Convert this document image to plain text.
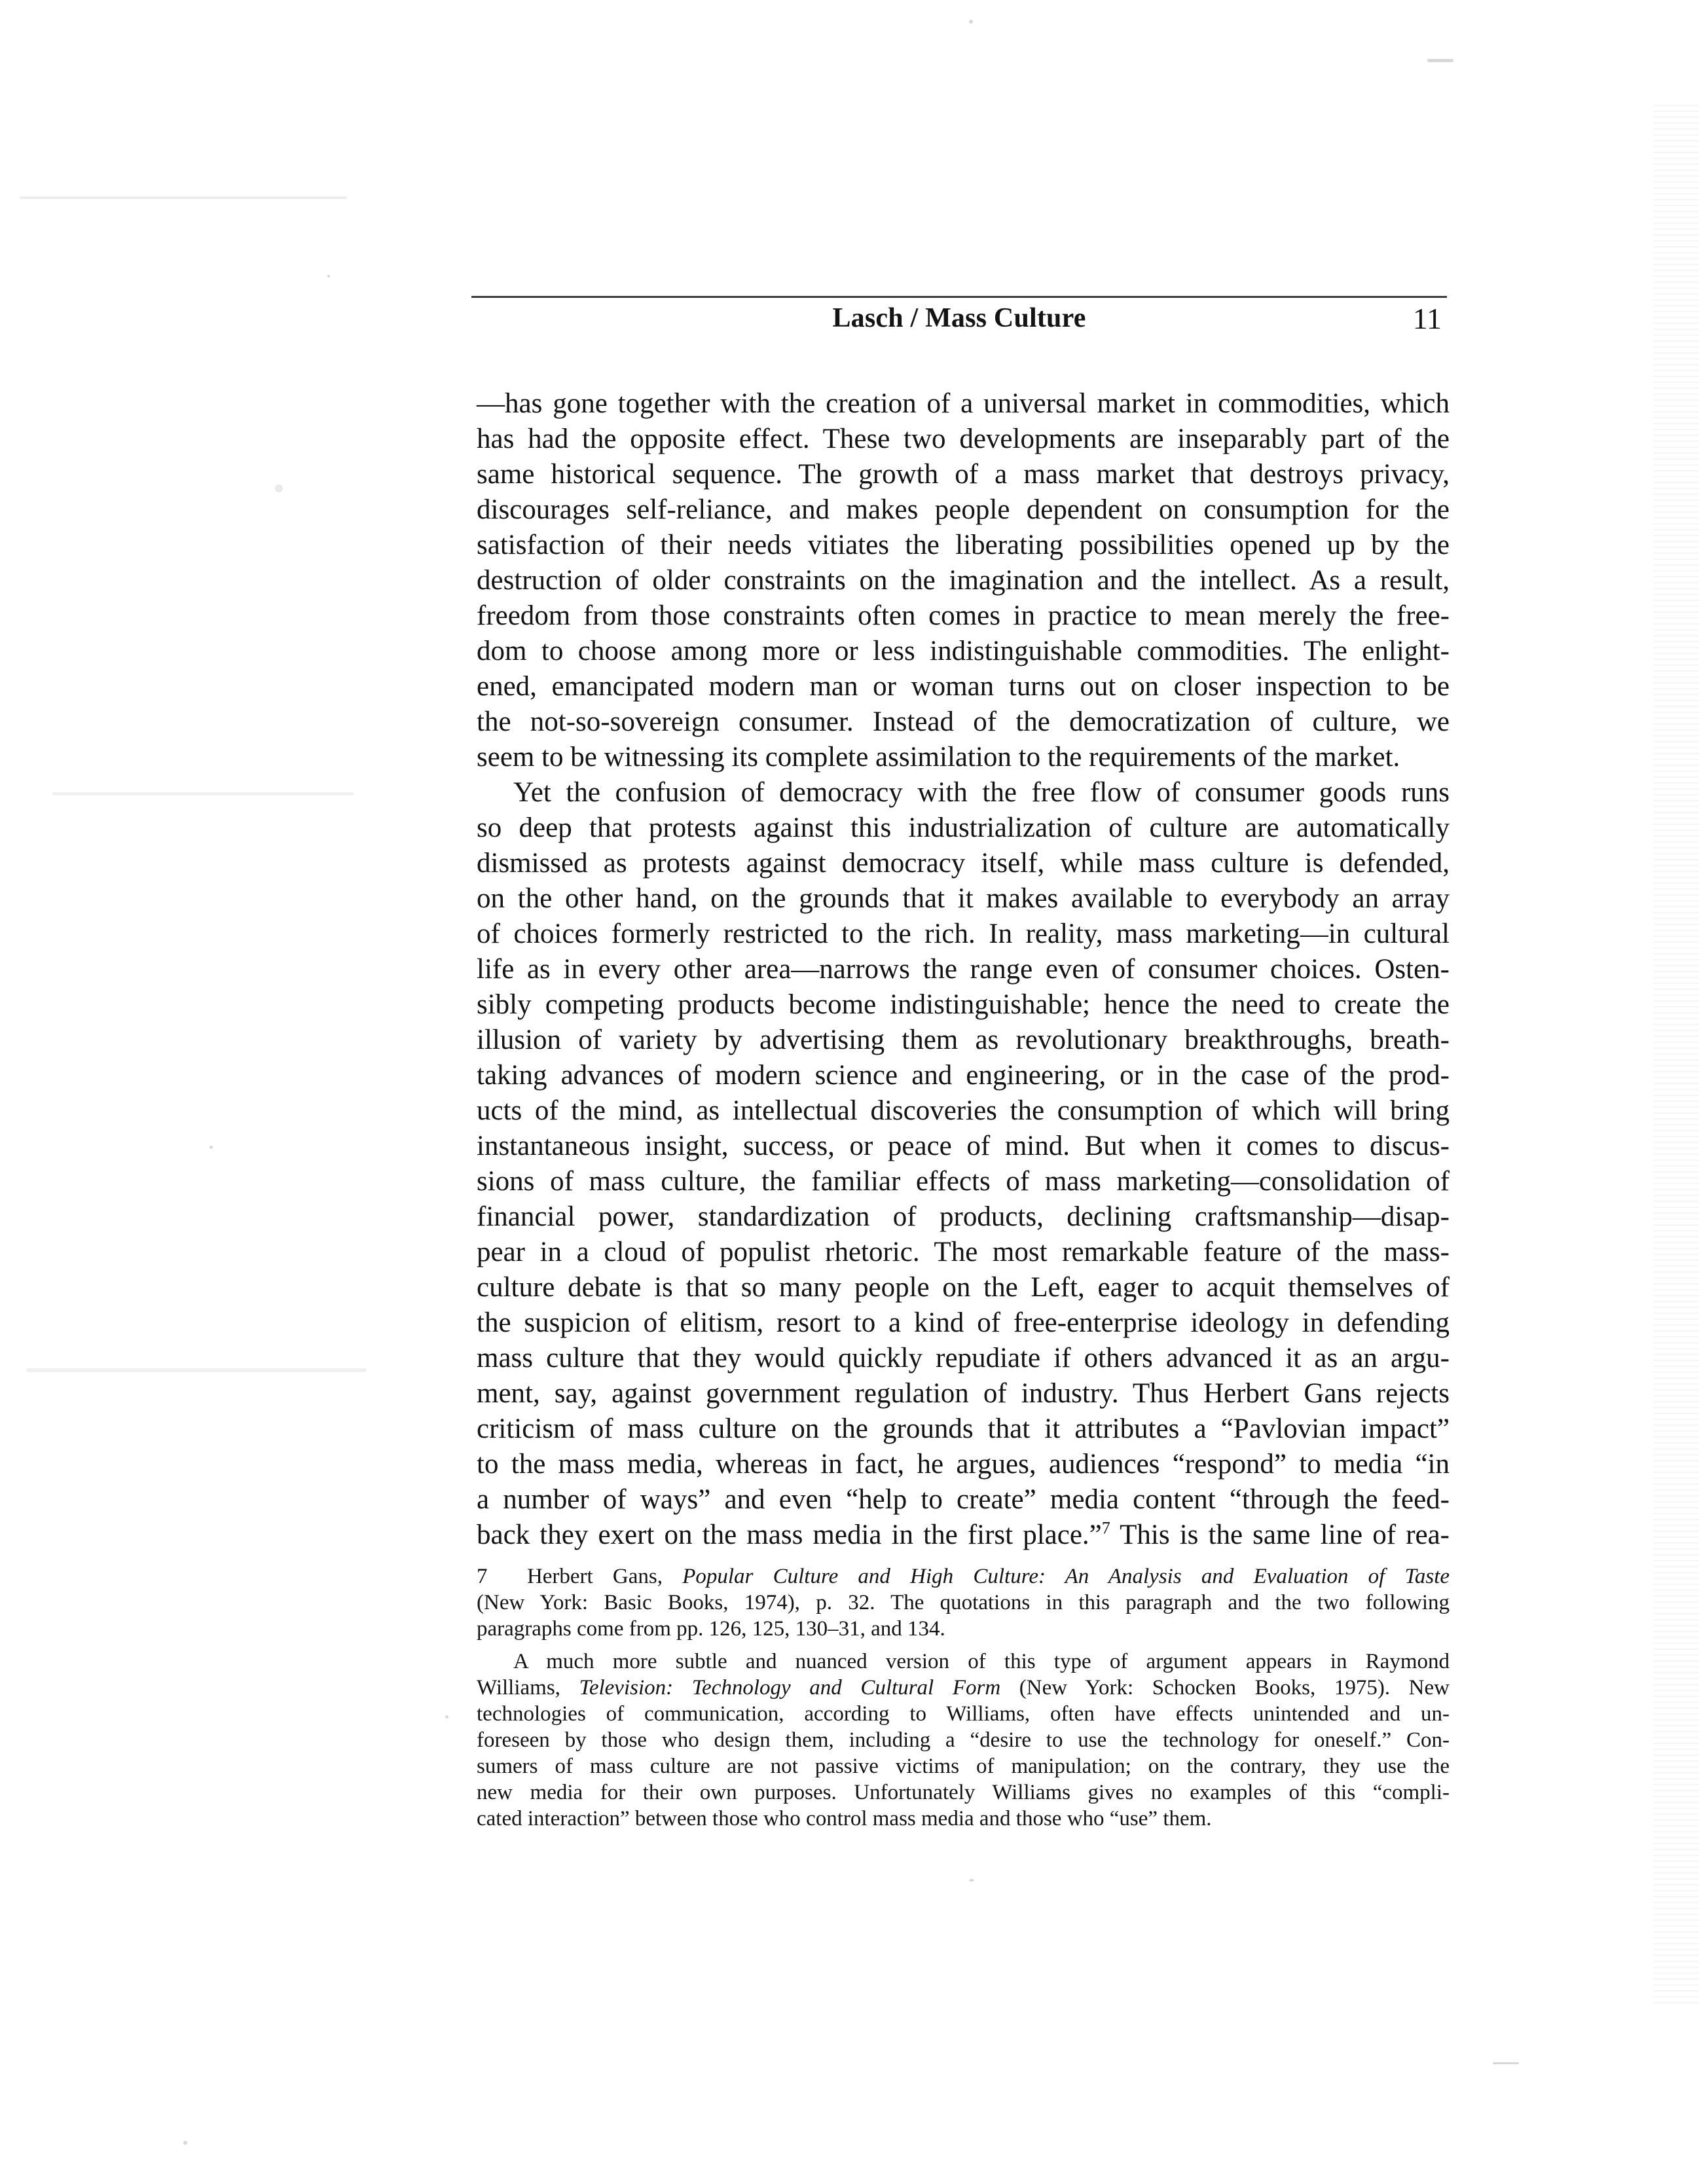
Lasch / Mass Culture	11
—has gone together with the creation of a universal market in commodities, which
has had the opposite effect. These two developments are inseparably part of the
same historical sequence. The growth of a mass market that destroys privacy,
discourages self-reliance, and makes people dependent on consumption for the
satisfaction of their needs vitiates the liberating possibilities opened up by the
destruction of older constraints on the imagination and the intellect. As a result,
freedom from those constraints often comes in practice to mean merely the free-
dom to choose among more or less indistinguishable commodities. The enlight-
ened, emancipated modern man or woman turns out on closer inspection to be
the not-so-sovereign consumer. Instead of the democratization of culture, we
seem to be witnessing its complete assimilation to the requirements of the market.
Yet the confusion of democracy with the free flow of consumer goods runs
so deep that protests against this industrialization of culture are automatically
dismissed as protests against democracy itself, while mass culture is defended,
on the other hand, on the grounds that it makes available to everybody an array
of choices formerly restricted to the rich. In reality, mass marketing—in cultural
life as in every other area—narrows the range even of consumer choices. Osten-
sibly competing products become indistinguishable; hence the need to create the
illusion of variety by advertising them as revolutionary breakthroughs, breath-
taking advances of modern science and engineering, or in the case of the prod-
ucts of the mind, as intellectual discoveries the consumption of which will bring
instantaneous insight, success, or peace of mind. But when it comes to discus-
sions of mass culture, the familiar effects of mass marketing—consolidation of
financial power, standardization of products, declining craftsmanship—disap-
pear in a cloud of populist rhetoric. The most remarkable feature of the mass-
culture debate is that so many people on the Left, eager to acquit themselves of
the suspicion of elitism, resort to a kind of free-enterprise ideology in defending
mass culture that they would quickly repudiate if others advanced it as an argu-
ment, say, against government regulation of industry. Thus Herbert Gans rejects
criticism of mass culture on the grounds that it attributes a “Pavlovian impact”
to the mass media, whereas in fact, he argues, audiences “respond” to media “in
a number of ways” and even “help to create” media content “through the feed-
back they exert on the mass media in the first place.”$^7$ This is the same line of rea-
7 Herbert Gans, Popular Culture and High Culture: An Analysis and Evaluation of Taste
(New York: Basic Books, 1974), p. 32. The quotations in this paragraph and the two following
paragraphs come from pp. 126, 125, 130–31, and 134.
A much more subtle and nuanced version of this type of argument appears in Raymond
Williams, Television: Technology and Cultural Form (New York: Schocken Books, 1975). New
technologies of communication, according to Williams, often have effects unintended and un-
foreseen by those who design them, including a “desire to use the technology for oneself.” Con-
sumers of mass culture are not passive victims of manipulation; on the contrary, they use the
new media for their own purposes. Unfortunately Williams gives no examples of this “compli-
cated interaction” between those who control mass media and those who “use” them.
